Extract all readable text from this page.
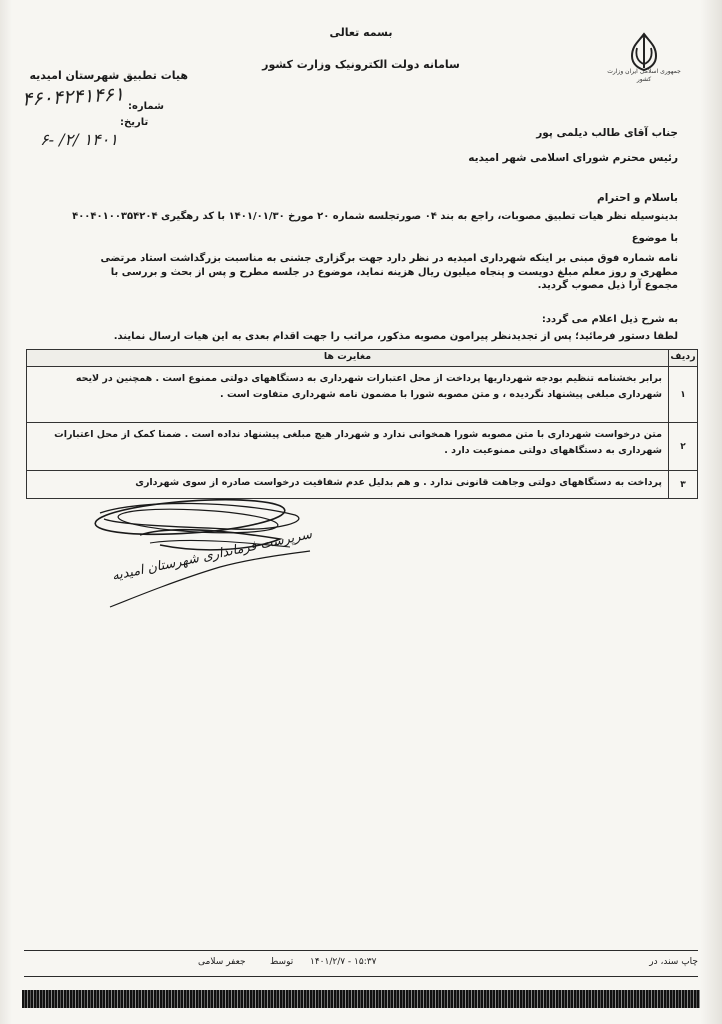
جمهوری اسلامی ایران وزارت کشور
بسمه تعالی
سامانه دولت الکترونیک وزارت کشور
هیات تطبیق شهرستان امیدیه
۴۶۰۴۲۴۱۴۶۱ شماره:
تاریخ:
۶- /۲/ ۱۴۰۱	جناب آقای طالب دیلمی پور
رئیس محترم شورای اسلامی شهر امیدیه
باسلام و احترام
بدینوسیله نظر هیات تطبیق مصوبات، راجع به بند ۰۴ صورتجلسه شماره ۲۰ مورخ ۱۴۰۱/۰۱/۳۰ با کد رهگیری ۴۰۰۴۰۱۰۰۳۵۴۲۰۴
با موضوع
نامه شماره فوق مبنی بر اینکه شهرداری امیدیه در نظر دارد جهت برگزاری جشنی به مناسبت بزرگداشت استاد مرتضی مطهری و روز معلم مبلغ دویست و پنجاه میلیون ریال هزینه نماید، موضوع در جلسه مطرح و پس از بحث و بررسی با مجموع آرا ذیل مصوب گردید.
به شرح ذیل اعلام می گردد:
لطفا دستور فرمائید؛ پس از تجدیدنظر پیرامون مصوبه مذکور، مراتب را جهت اقدام بعدی به این هیات ارسال نمایند.
ردیف	مغایرت ها
۱	برابر بخشنامه تنظیم بودجه شهرداریها پرداخت از محل اعتبارات شهرداری به دستگاههای دولتی ممنوع است . همچنین در لایحه شهرداری مبلغی پیشنهاد نگردیده ، و متن مصوبه شورا با مضمون نامه شهرداری متفاوت است .
۲	متن درخواست شهرداری با متن مصوبه شورا همخوانی ندارد و شهردار هیچ مبلغی پیشنهاد نداده است . ضمنا کمک از محل اعتبارات شهرداری به دستگاههای دولتی ممنوعیت دارد .
۳	پرداخت به دستگاههای دولتی وجاهت قانونی ندارد . و هم بدلیل عدم شفافیت درخواست صادره از سوی شهرداری
سرپرست فرمانداری شهرستان امیدیه
چاپ سند، در
۱۴۰۱/۲/۷ - ۱۵:۳۷
توسط
جعفر سلامی
